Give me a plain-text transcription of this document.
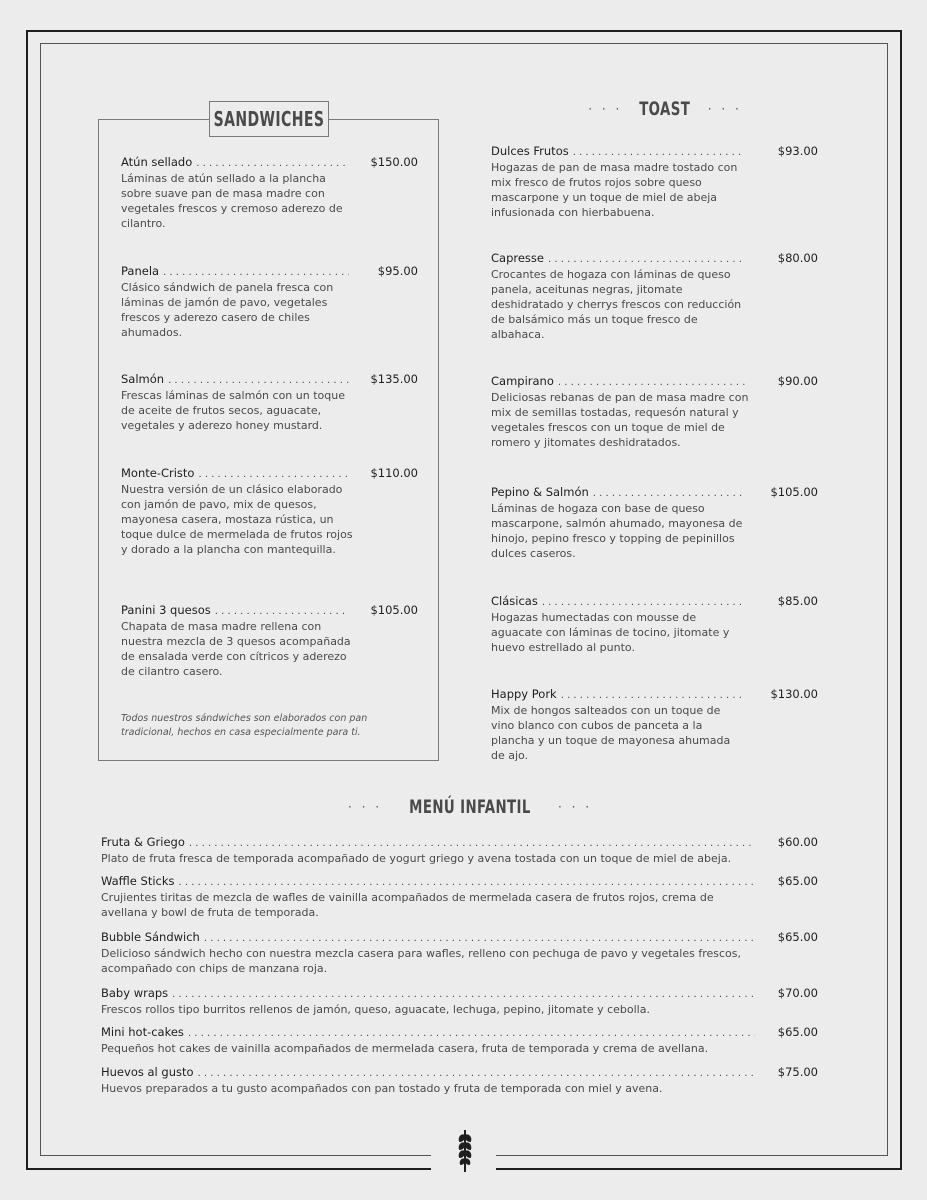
SANDWICHES
Atún sellado . . .	$150.00
Láminas de atún sellado a la plancha sobre suave pan de masa madre con vegetales frescos y cremoso aderezo de cilantro.
Panela . . .	$95.00
Clásico sándwich de panela fresca con láminas de jamón de pavo, vegetales frescos y aderezo casero de chiles ahumados.
Salmón . . .	$135.00
Frescas láminas de salmón con un toque de aceite de frutos secos, aguacate, vegetales y aderezo honey mustard.
Monte-Cristo . . .	$110.00
Nuestra versión de un clásico elaborado con jamón de pavo, mix de quesos, mayonesa casera, mostaza rústica, un toque dulce de mermelada de frutos rojos y dorado a la plancha con mantequilla.
Panini 3 quesos . . .	$105.00
Chapata de masa madre rellena con nuestra mezcla de 3 quesos acompañada de ensalada verde con cítricos y aderezo de cilantro casero.
Todos nuestros sándwiches son elaborados con pan tradicional, hechos en casa especialmente para ti.
· · · TOAST · · ·
Dulces Frutos . . .	$93.00
Hogazas de pan de masa madre tostado con mix fresco de frutos rojos sobre queso mascarpone y un toque de miel de abeja infusionada con hierbabuena.
Capresse . . .	$80.00
Crocantes de hogaza con láminas de queso panela, aceitunas negras, jitomate deshidratado y cherrys frescos con reducción de balsámico más un toque fresco de albahaca.
Campirano . . .	$90.00
Deliciosas rebanas de pan de masa madre con mix de semillas tostadas, requesón natural y vegetales frescos con un toque de miel de romero y jitomates deshidratados.
Pepino & Salmón . . .	$105.00
Láminas de hogaza con base de queso mascarpone, salmón ahumado, mayonesa de hinojo, pepino fresco y topping de pepinillos dulces caseros.
Clásicas . . .	$85.00
Hogazas humectadas con mousse de aguacate con láminas de tocino, jitomate y huevo estrellado al punto.
Happy Pork . . .	$130.00
Mix de hongos salteados con un toque de vino blanco con cubos de panceta a la plancha y un toque de mayonesa ahumada de ajo.
· · · MENÚ INFANTIL · · ·
Fruta & Griego . . .	$60.00
Plato de fruta fresca de temporada acompañado de yogurt griego y avena tostada con un toque de miel de abeja.
Waffle Sticks . . .	$65.00
Crujientes tiritas de mezcla de wafles de vainilla acompañados de mermelada casera de frutos rojos, crema de avellana y bowl de fruta de temporada.
Bubble Sándwich . . .	$65.00
Delicioso sándwich hecho con nuestra mezcla casera para wafles, relleno con pechuga de pavo y vegetales frescos, acompañado con chips de manzana roja.
Baby wraps . . .	$70.00
Frescos rollos tipo burritos rellenos de jamón, queso, aguacate, lechuga, pepino, jitomate y cebolla.
Mini hot-cakes . . .	$65.00
Pequeños hot cakes de vainilla acompañados de mermelada casera, fruta de temporada y crema de avellana.
Huevos al gusto . . .	$75.00
Huevos preparados a tu gusto acompañados con pan tostado y fruta de temporada con miel y avena.
